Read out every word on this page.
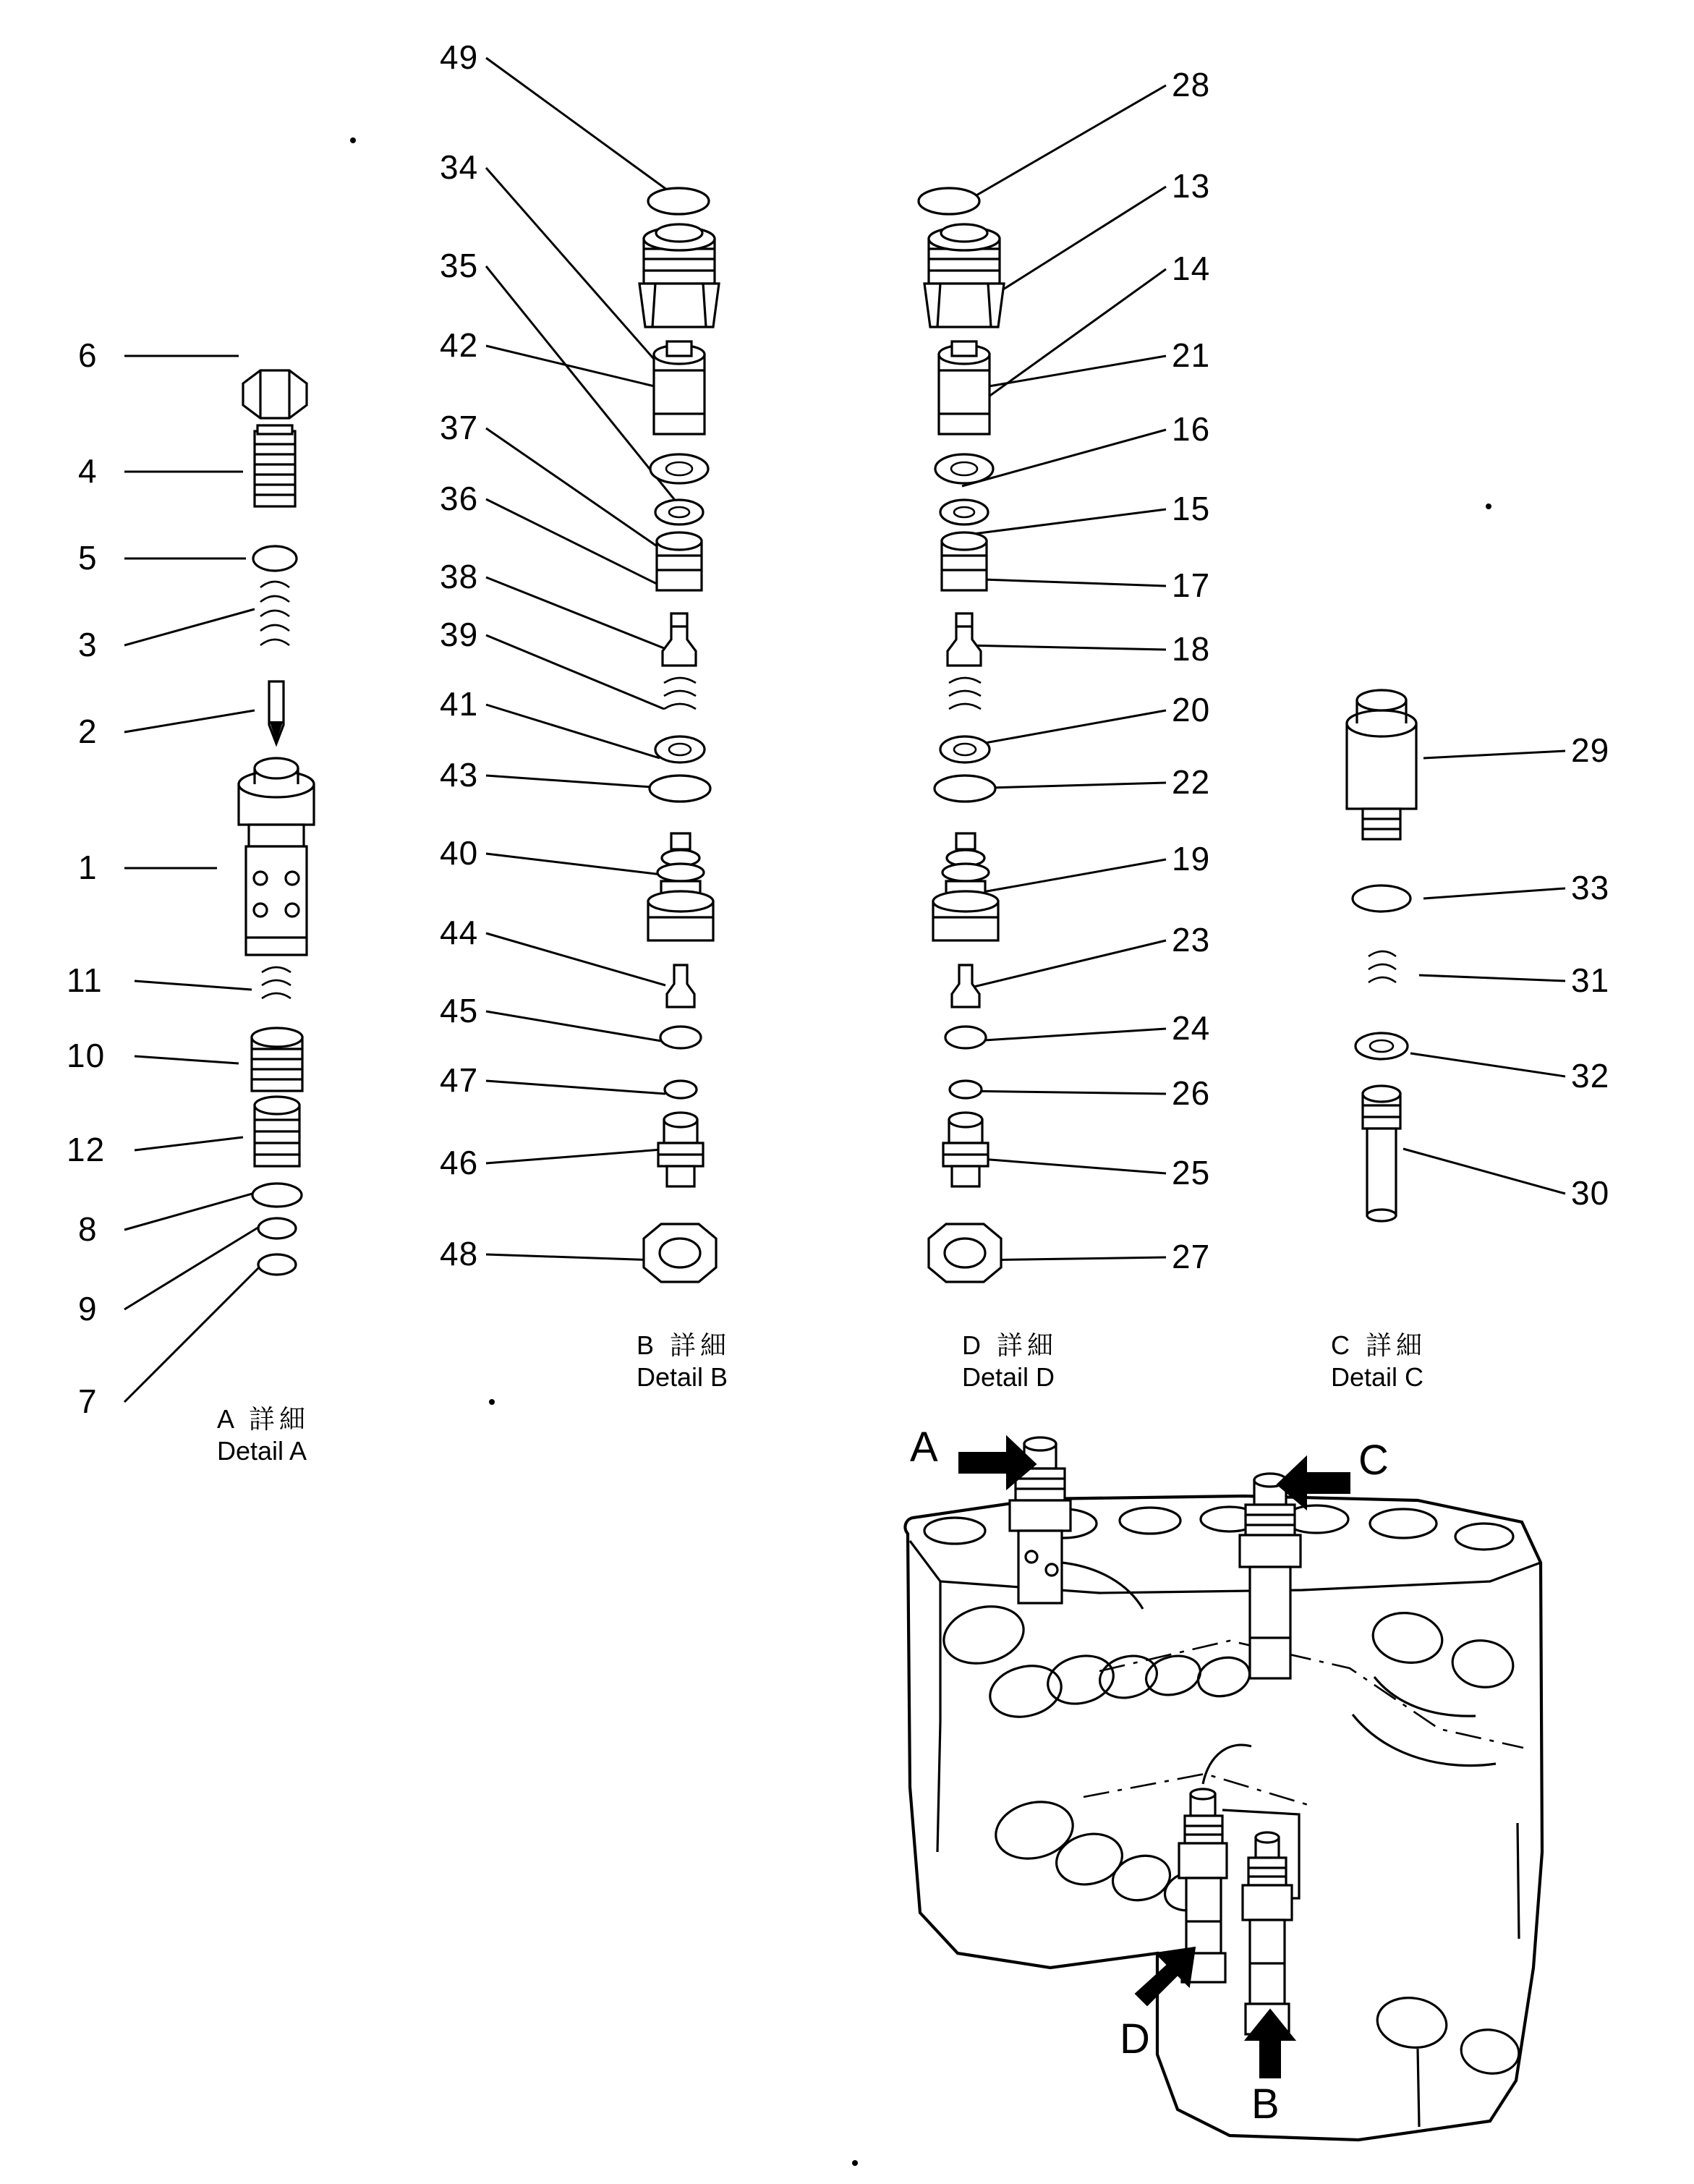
6
4
5
3
2
1
11
10
12
8
9
7
49
34
35
42
37
36
38
39
41
43
40
44
45
47
46
48
28
13
14
21
16
15
17
18
20
22
19
23
24
26
25
27
29
33
31
32
30
A 詳細
Detail A
B 詳細
Detail B
D 詳細
Detail D
C 詳細
Detail C
A	C
D
B
